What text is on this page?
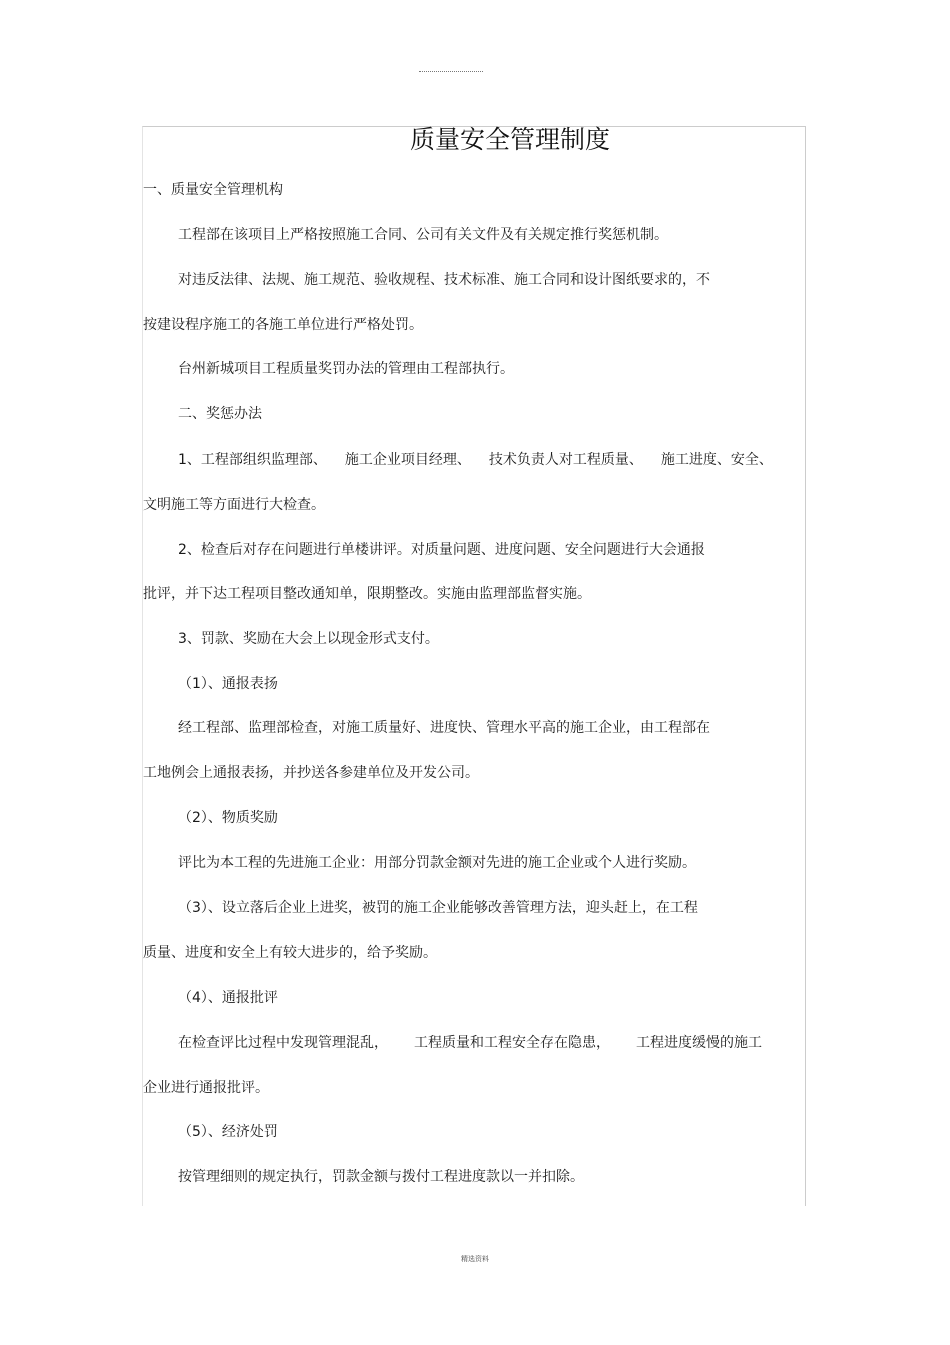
质量安全管理制度
一、质量安全管理机构
工程部在该项目上严格按照施工合同、公司有关文件及有关规定推行奖惩机制。
对违反法律、法规、施工规范、验收规程、技术标准、施工合同和设计图纸要求的，不
按建设程序施工的各施工单位进行严格处罚。
台州新城项目工程质量奖罚办法的管理由工程部执行。
二、奖惩办法
1、工程部组织监理部、 施工企业项目经理、 技术负责人对工程质量、 施工进度、安全、
文明施工等方面进行大检查。
2、检查后对存在问题进行单楼讲评。对质量问题、进度问题、安全问题进行大会通报
批评，并下达工程项目整改通知单，限期整改。实施由监理部监督实施。
3、罚款、奖励在大会上以现金形式支付。
（1）、通报表扬
经工程部、监理部检查，对施工质量好、进度快、管理水平高的施工企业，由工程部在
工地例会上通报表扬，并抄送各参建单位及开发公司。
（2）、物质奖励
评比为本工程的先进施工企业：用部分罚款金额对先进的施工企业或个人进行奖励。
（3）、设立落后企业上进奖，被罚的施工企业能够改善管理方法，迎头赶上，在工程
质量、进度和安全上有较大进步的，给予奖励。
（4）、通报批评
在检查评比过程中发现管理混乱， 工程质量和工程安全存在隐患， 工程进度缓慢的施工
企业进行通报批评。
（5）、经济处罚
按管理细则的规定执行，罚款金额与拨付工程进度款以一并扣除。
精选资料
